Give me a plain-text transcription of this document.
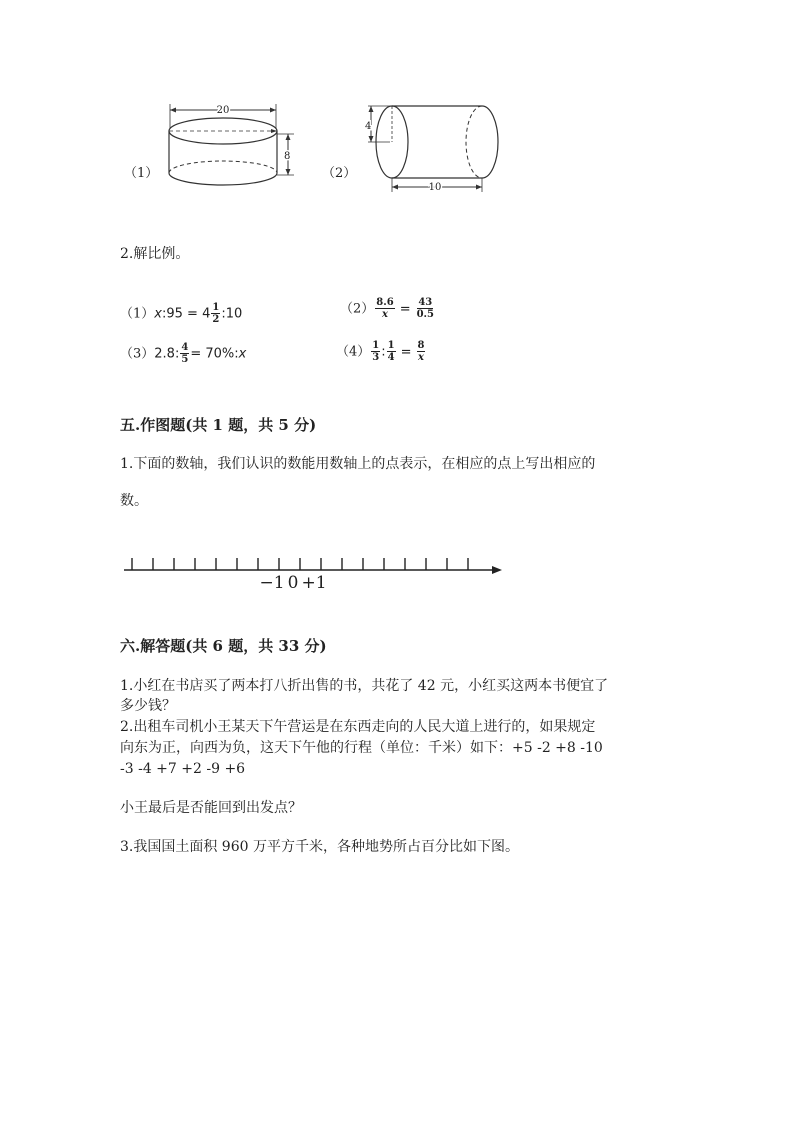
（1）	（2）
20
8
4
10
2.解比例。
（1）x:95 = $4 \frac{1}{2}$ :10	$(2) \frac{8.6}{x} = \frac{43}{0.5}$
（3）2.8: $\frac{4}{5}$ = 70%:x	$(4) \frac{1}{3}$ : $\frac{1}{4} = \frac{8}{x}$
五.作图题(共 1 题，共 5 分)
1.下面的数轴，我们认识的数能用数轴上的点表示，在相应的点上写出相应的
数。
−1 0 +1
六.解答题(共 6 题，共 33 分)
1.小红在书店买了两本打八折出售的书，共花了 42 元，小红买这两本书便宜了
多少钱？
2.出租车司机小王某天下午营运是在东西走向的人民大道上进行的，如果规定
向东为正，向西为负，这天下午他的行程（单位：千米）如下：+5 -2 +8 -10
-3 -4 +7 +2 -9 +6
小王最后是否能回到出发点？
3.我国国土面积 960 万平方千米，各种地势所占百分比如下图。
